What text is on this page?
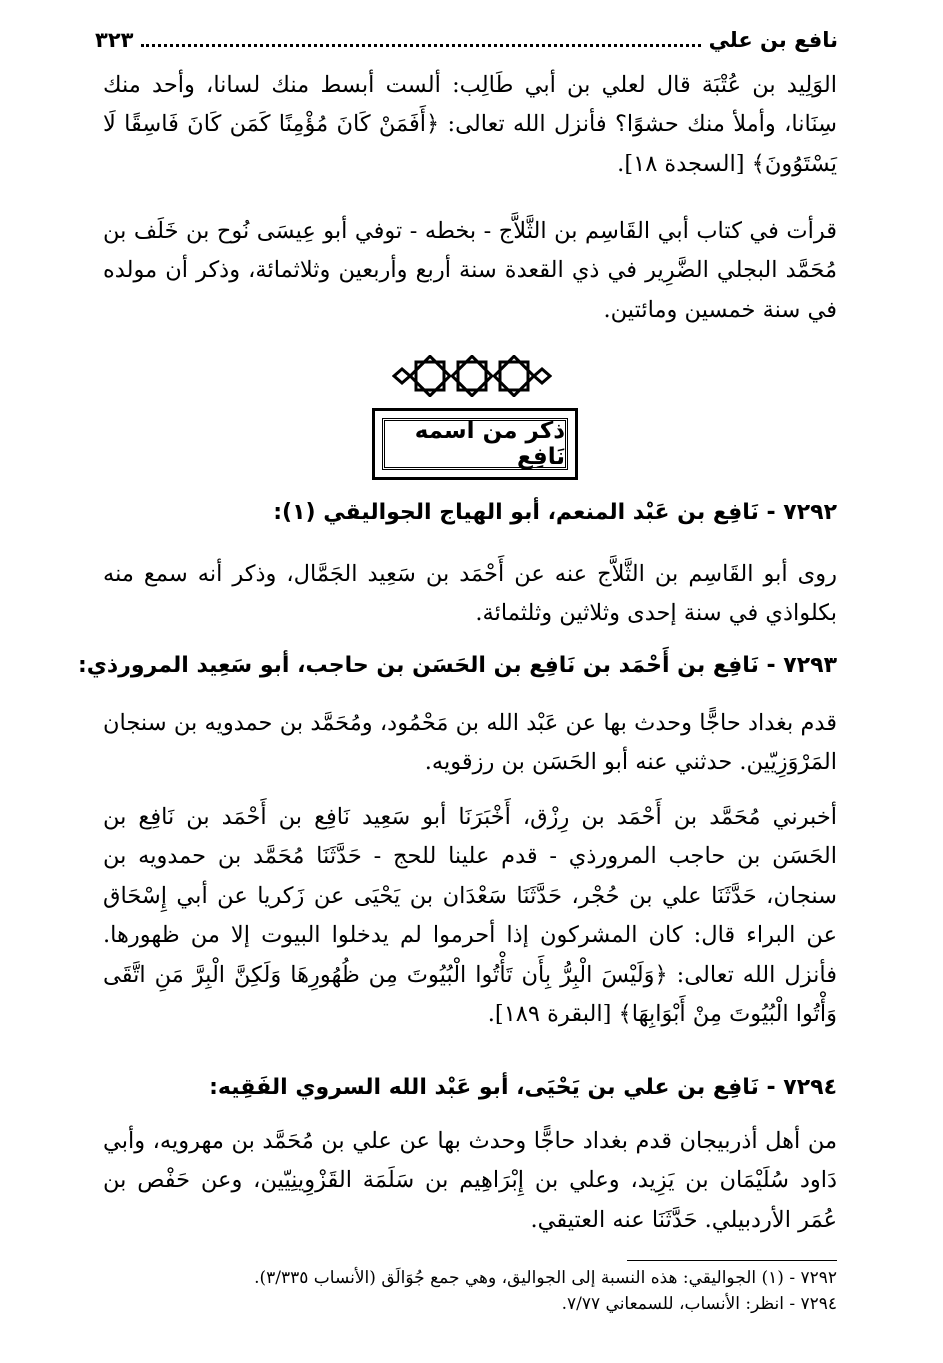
نافع بن علي
٣٢٣

الوَلِيد بن عُتْبَة قال لعلي بن أبي طَالِب: ألست أبسط منك لسانا، وأحد منك سِنَانا، وأملأ منك حشوًا؟ فأنزل الله تعالى: ﴿أَفَمَنْ كَانَ مُؤْمِنًا كَمَن كَانَ فَاسِقًا لَا يَسْتَوُونَ﴾ [السجدة ١٨].

قرأت في كتاب أبي القَاسِم بن الثَّلاَّج - بخطه - توفي أبو عِيسَى نُوح بن خَلَف بن مُحَمَّد البجلي الضَّرِير في ذي القعدة سنة أربع وأربعين وثلاثمائة، وذكر أن مولده في سنة خمسين ومائتين.

ذكر من اسمه نَافِع
٧٢٩٢ - نَافِع بن عَبْد المنعم، أبو الهياج الجواليقي (١):

روى أبو القَاسِم بن الثَّلاَّج عنه عن أَحْمَد بن سَعِيد الجَمَّال، وذكر أنه سمع منه بكلواذي في سنة إحدى وثلاثين وثلثمائة.

٧٢٩٣ - نَافِع بن أَحْمَد بن نَافِع بن الحَسَن بن حاجب، أبو سَعِيد المرورذي:

قدم بغداد حاجًّا وحدث بها عن عَبْد الله بن مَحْمُود، ومُحَمَّد بن حمدويه بن سنجان المَرْوَزِيّين. حدثني عنه أبو الحَسَن بن رزقويه.

أخبرني مُحَمَّد بن أَحْمَد بن رِزْق، أَخْبَرَنَا أبو سَعِيد نَافِع بن أَحْمَد بن نَافِع بن الحَسَن بن حاجب المرورذي - قدم علينا للحج - حَدَّثَنَا مُحَمَّد بن حمدويه بن سنجان، حَدَّثَنَا علي بن حُجْر، حَدَّثَنَا سَعْدَان بن يَحْيَى عن زَكريا عن أبي إِسْحَاق عن البراء قال: كان المشركون إذا أحرموا لم يدخلوا البيوت إلا من ظهورها. فأنزل الله تعالى: ﴿وَلَيْسَ الْبِرُّ بِأَن تَأْتُوا الْبُيُوتَ مِن ظُهُورِهَا وَلَكِنَّ الْبِرَّ مَنِ اتَّقَى وَأْتُوا الْبُيُوتَ مِنْ أَبْوَابِهَا﴾ [البقرة ١٨٩].

٧٢٩٤ - نَافِع بن علي بن يَحْيَى، أبو عَبْد الله السروي الفَقِيه:

من أهل أذربيجان قدم بغداد حاجًّا وحدث بها عن علي بن مُحَمَّد بن مهرويه، وأبي دَاود سُلَيْمَان بن يَزِيد، وعلي بن إِبْرَاهِيم بن سَلَمَة القَزْوِينِيّين، وعن حَفْص بن عُمَر الأردبيلي. حَدَّثَنَا عنه العتيقي.

٧٢٩٢ - (١) الجواليقي: هذه النسبة إلى الجواليق، وهي جمع جُوَالَق (الأنساب ٣/٣٣٥).

٧٢٩٤ - انظر: الأنساب، للسمعاني ٧/٧٧.
